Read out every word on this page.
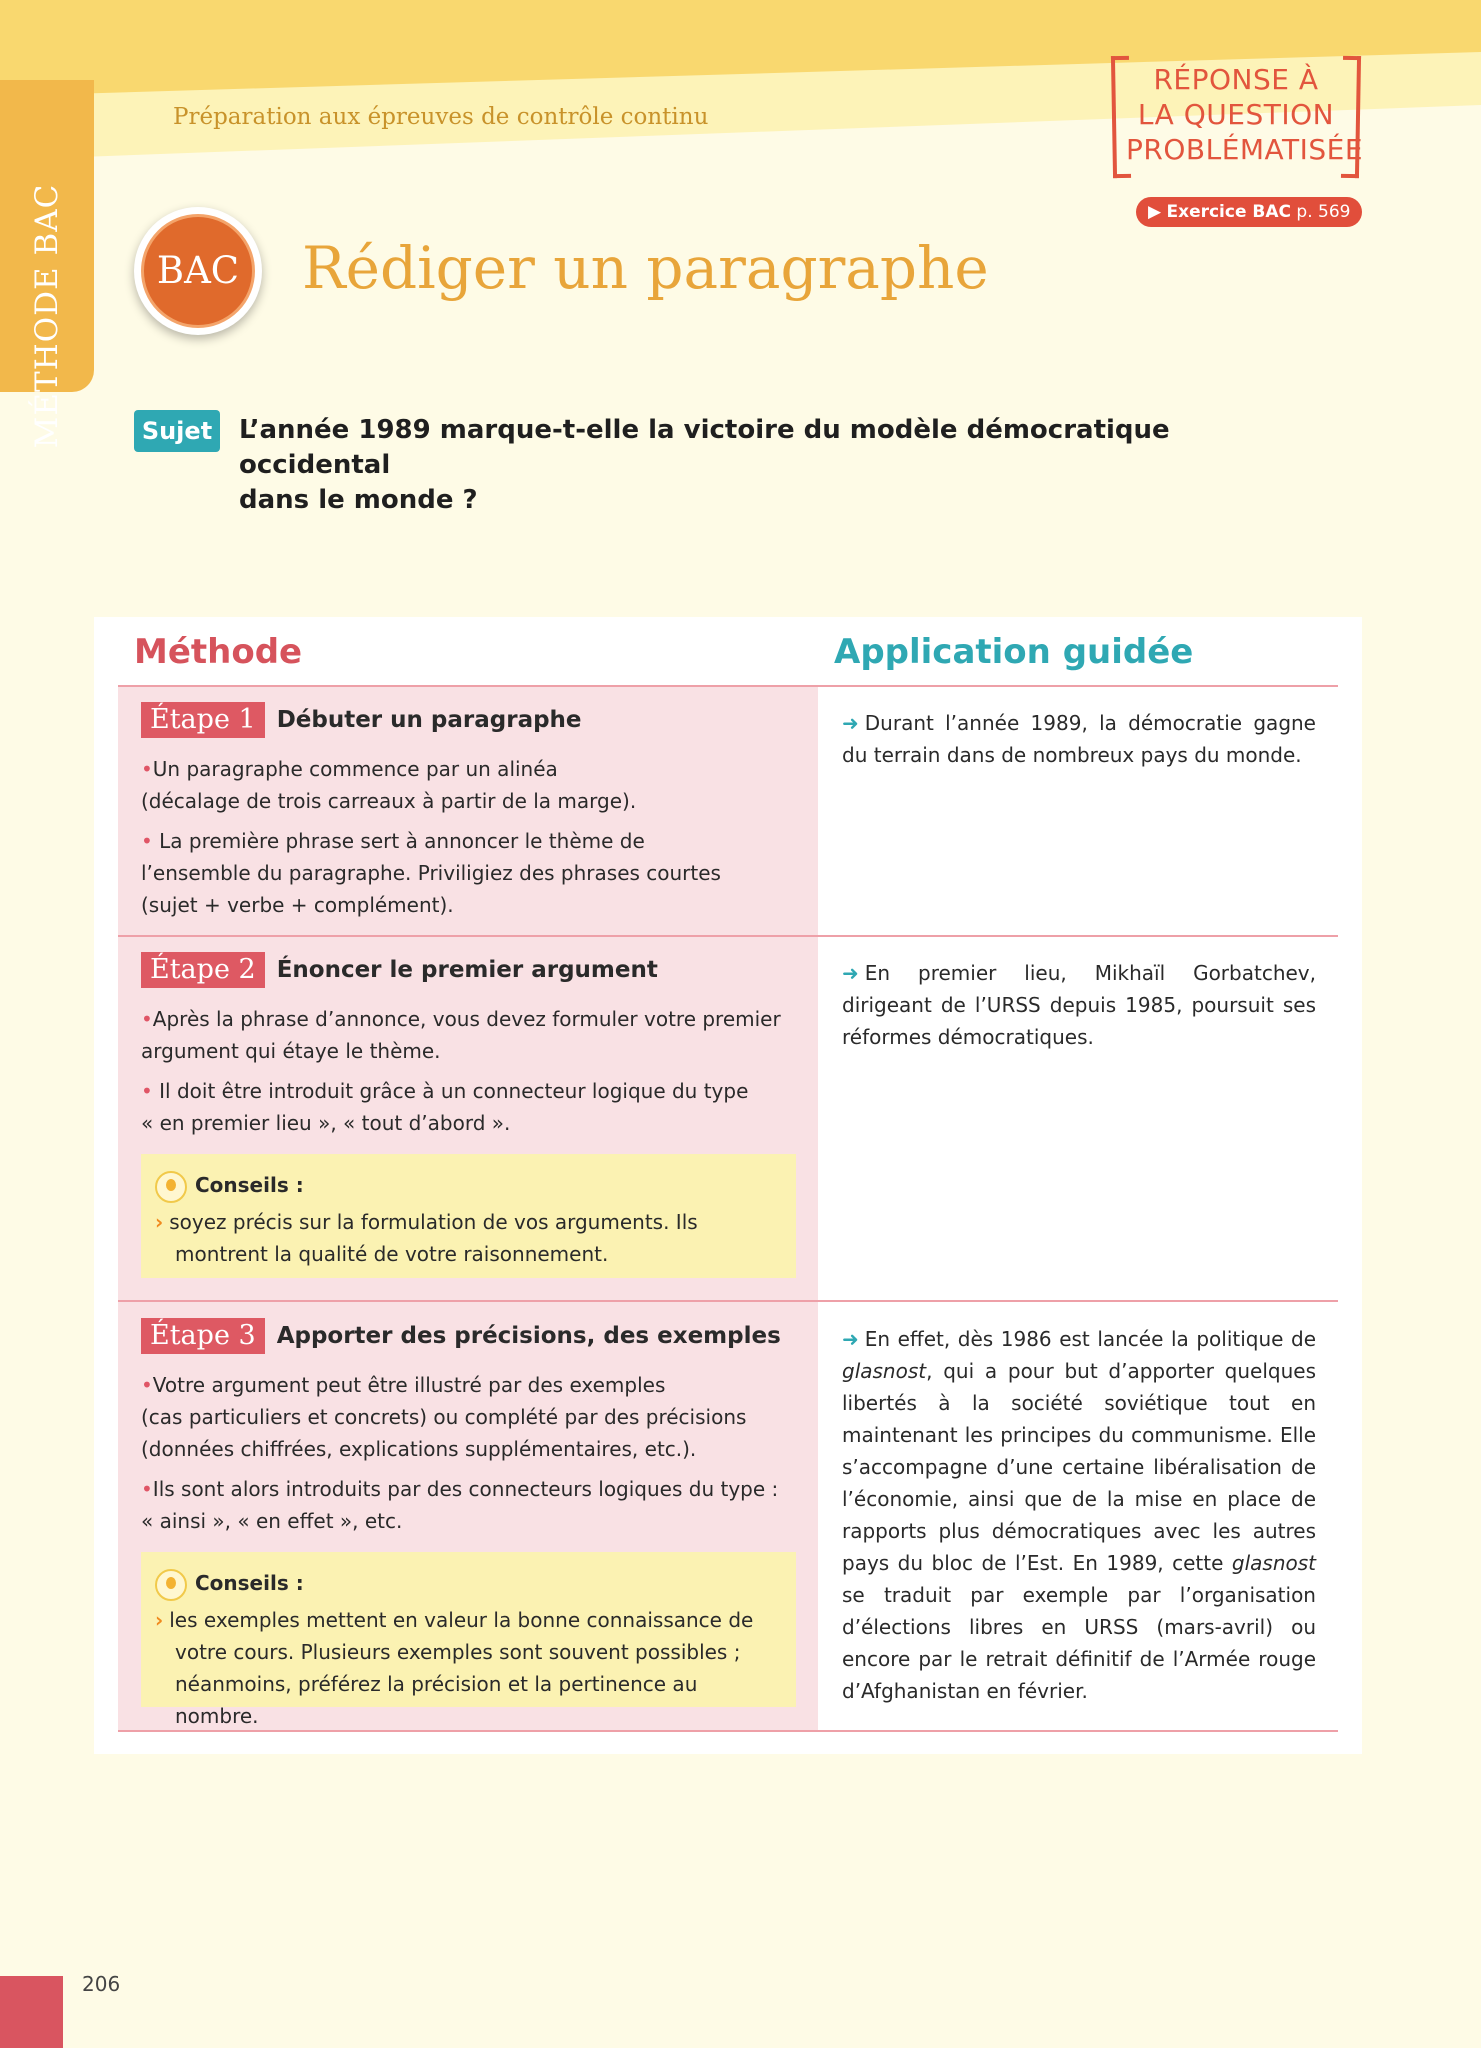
MÉTHODE BAC
Préparation aux épreuves de contrôle continu
RÉPONSE À
LA QUESTION
PROBLÉMATISÉE
▶ Exercice BAC p. 569
BAC Rédiger un paragraphe
Sujet	L’année 1989 marque-t-elle la victoire du modèle démocratique occidental
dans le monde ?
Méthode	Application guidée
Étape 1 Débuter un paragraphe
•Un paragraphe commence par un alinéa
(décalage de trois carreaux à partir de la marge).
• La première phrase sert à annoncer le thème de
l’ensemble du paragraphe. Priviligiez des phrases courtes
(sujet + verbe + complément).
➜ Durant l’année 1989, la démocratie gagne du terrain dans de nombreux pays du monde.
Étape 2 Énoncer le premier argument
•Après la phrase d’annonce, vous devez formuler votre premier
argument qui étaye le thème.
• Il doit être introduit grâce à un connecteur logique du type
« en premier lieu », « tout d’abord ».
Conseils :
› soyez précis sur la formulation de vos arguments. Ils montrent la qualité de votre raisonnement.
➜ En premier lieu, Mikhaïl Gorbatchev, dirigeant de l’URSS depuis 1985, poursuit ses réformes démocratiques.
Étape 3 Apporter des précisions, des exemples
•Votre argument peut être illustré par des exemples
(cas particuliers et concrets) ou complété par des précisions
(données chiffrées, explications supplémentaires, etc.).
•Ils sont alors introduits par des connecteurs logiques du type :
« ainsi », « en effet », etc.
Conseils :
› les exemples mettent en valeur la bonne connaissance de votre cours. Plusieurs exemples sont souvent possibles ; néanmoins, préférez la précision et la pertinence au nombre.
➜ En effet, dès 1986 est lancée la politique de glasnost, qui a pour but d’apporter quelques libertés à la société soviétique tout en maintenant les principes du communisme. Elle s’accompagne d’une certaine libéralisation de l’économie, ainsi que de la mise en place de rapports plus démocratiques avec les autres pays du bloc de l’Est. En 1989, cette glasnost se traduit par exemple par l’organisation d’élections libres en URSS (mars-avril) ou encore par le retrait définitif de l’Armée rouge d’Afghanistan en février.
206
